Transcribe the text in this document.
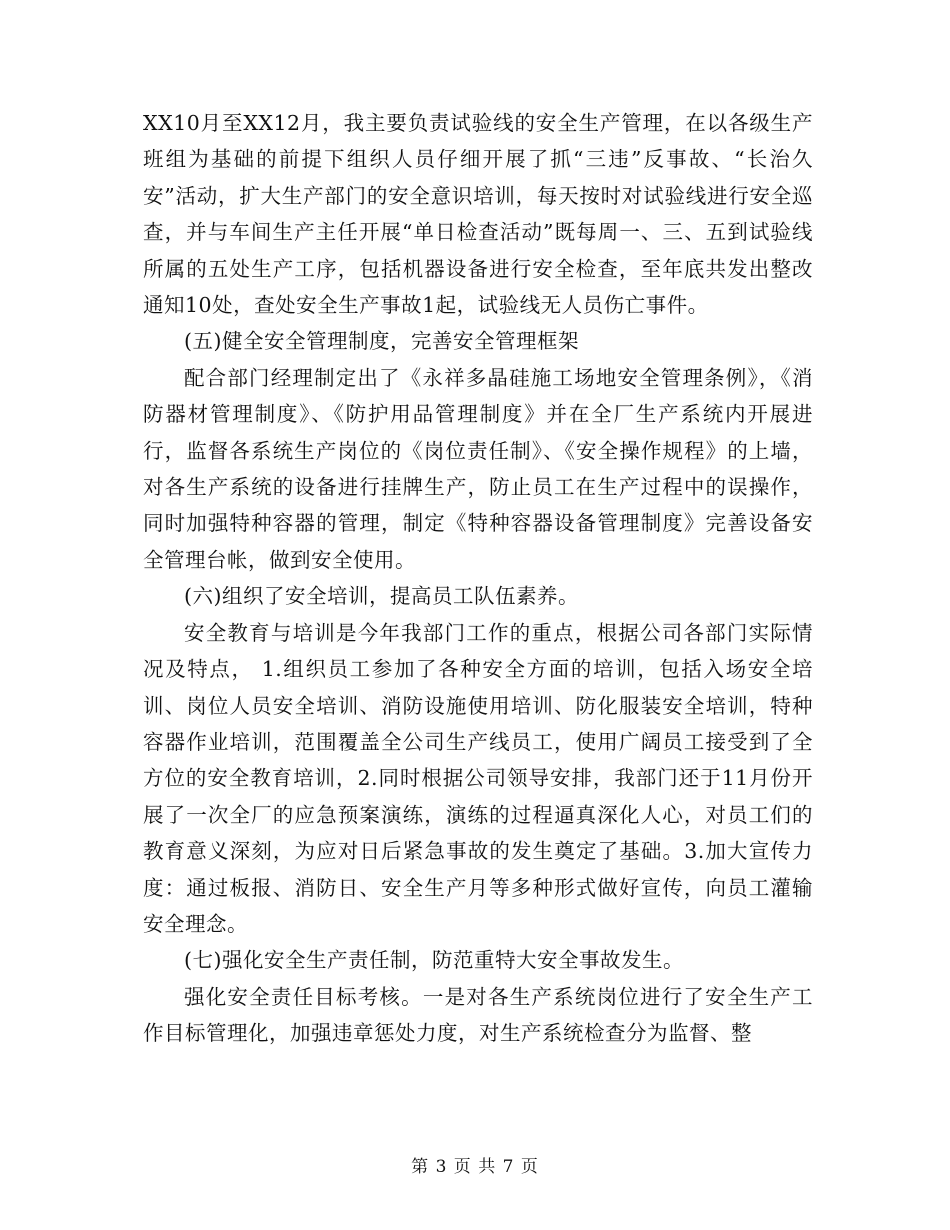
XX10月至XX12月，我主要负责试验线的安全生产管理，在以各级生产班组为基础的前提下组织人员仔细开展了抓“三违”反事故、“长治久安”活动，扩大生产部门的安全意识培训，每天按时对试验线进行安全巡查，并与车间生产主任开展“单日检查活动”既每周一、三、五到试验线所属的五处生产工序，包括机器设备进行安全检查，至年底共发出整改通知10处，查处安全生产事故1起，试验线无人员伤亡事件。

(五)健全安全管理制度，完善安全管理框架

配合部门经理制定出了《永祥多晶硅施工场地安全管理条例》，《消防器材管理制度》、《防护用品管理制度》并在全厂生产系统内开展进行，监督各系统生产岗位的《岗位责任制》、《安全操作规程》的上墙，对各生产系统的设备进行挂牌生产，防止员工在生产过程中的误操作，同时加强特种容器的管理，制定《特种容器设备管理制度》完善设备安全管理台帐，做到安全使用。

(六)组织了安全培训，提高员工队伍素养。

安全教育与培训是今年我部门工作的重点，根据公司各部门实际情况及特点， 1.组织员工参加了各种安全方面的培训，包括入场安全培训、岗位人员安全培训、消防设施使用培训、防化服装安全培训，特种容器作业培训，范围覆盖全公司生产线员工，使用广阔员工接受到了全方位的安全教育培训，2.同时根据公司领导安排，我部门还于11月份开展了一次全厂的应急预案演练，演练的过程逼真深化人心，对员工们的教育意义深刻，为应对日后紧急事故的发生奠定了基础。3.加大宣传力度：通过板报、消防日、安全生产月等多种形式做好宣传，向员工灌输安全理念。

(七)强化安全生产责任制，防范重特大安全事故发生。

强化安全责任目标考核。一是对各生产系统岗位进行了安全生产工作目标管理化，加强违章惩处力度，对生产系统检查分为监督、整

第 3 页 共 7 页
